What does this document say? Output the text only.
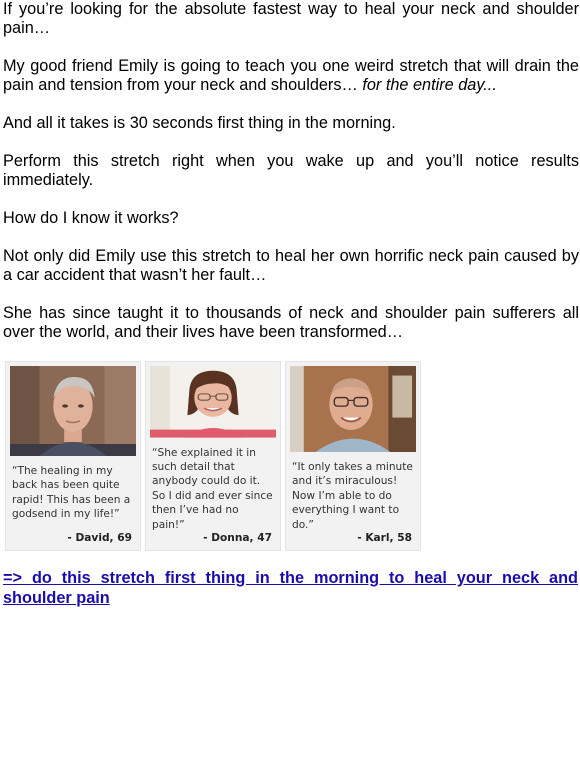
If you’re looking for the absolute fastest way to heal your neck and shoulder pain…

My good friend Emily is going to teach you one weird stretch that will drain the pain and tension from your neck and shoulders… for the entire day...

And all it takes is 30 seconds first thing in the morning.

Perform this stretch right when you wake up and you’ll notice results immediately.

How do I know it works?

Not only did Emily use this stretch to heal her own horrific neck pain caused by a car accident that wasn’t her fault…

She has since taught it to thousands of neck and shoulder pain sufferers all over the world, and their lives have been transformed…

“The healing in my back has been quite rapid! This has been a godsend in my life!”
- David, 69
“She explained it in such detail that anybody could do it. So I did and ever since then I’ve had no pain!”
- Donna, 47
“It only takes a minute and it’s miraculous! Now I’m able to do everything I want to do.”
- Karl, 58
=> do this stretch first thing in the morning to heal your neck and shoulder pain
